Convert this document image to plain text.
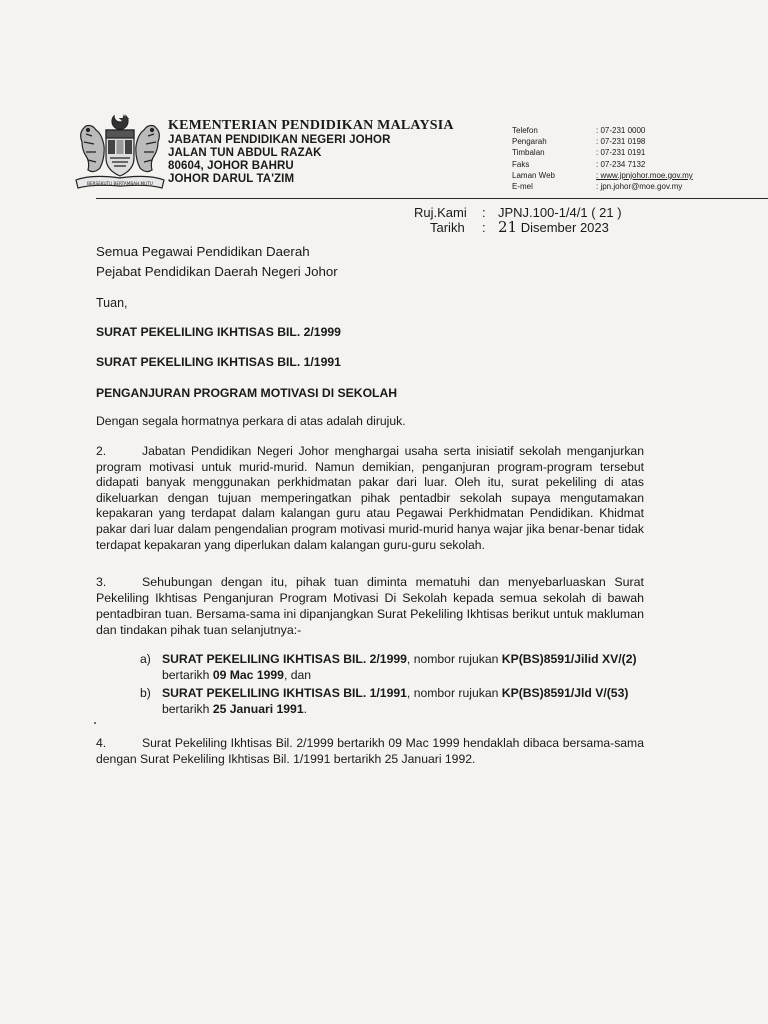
BERSEKUTU BERTAMBAH MUTU
KEMENTERIAN PENDIDIKAN MALAYSIA
JABATAN PENDIDIKAN NEGERI JOHOR
JALAN TUN ABDUL RAZAK
80604, JOHOR BAHRU
JOHOR DARUL TA'ZIM
Telefon	: 07-231 0000
Pengarah	: 07-231 0198
Timbalan	: 07-231 0191
Faks	: 07-234 7132
Laman Web	: www.jpnjohor.moe.gov.my
E-mel	: jpn.johor@moe.gov.my
Ruj.Kami	: JPNJ.100-1/4/1 ( 21 )
Tarikh	: 21 Disember 2023
Semua Pegawai Pendidikan Daerah
Pejabat Pendidikan Daerah Negeri Johor
Tuan,
SURAT PEKELILING IKHTISAS BIL. 2/1999
SURAT PEKELILING IKHTISAS BIL. 1/1991
PENGANJURAN PROGRAM MOTIVASI DI SEKOLAH
Dengan segala hormatnya perkara di atas adalah dirujuk.

2.	Jabatan Pendidikan Negeri Johor menghargai usaha serta inisiatif sekolah menganjurkan program motivasi untuk murid-murid. Namun demikian, penganjuran program-program tersebut didapati banyak menggunakan perkhidmatan pakar dari luar. Oleh itu, surat pekeliling di atas dikeluarkan dengan tujuan memperingatkan pihak pentadbir sekolah supaya mengutamakan kepakaran yang terdapat dalam kalangan guru atau Pegawai Perkhidmatan Pendidikan. Khidmat pakar dari luar dalam pengendalian program motivasi murid-murid hanya wajar jika benar-benar tidak terdapat kepakaran yang diperlukan dalam kalangan guru-guru sekolah.

3.	Sehubungan dengan itu, pihak tuan diminta mematuhi dan menyebarluaskan Surat Pekeliling Ikhtisas Penganjuran Program Motivasi Di Sekolah kepada semua sekolah di bawah pentadbiran tuan. Bersama-sama ini dipanjangkan Surat Pekeliling Ikhtisas berikut untuk makluman dan tindakan pihak tuan selanjutnya:-

a) SURAT PEKELILING IKHTISAS BIL. 2/1999, nombor rujukan KP(BS)8591/Jilid XV/(2) bertarikh 09 Mac 1999, dan
b) SURAT PEKELILING IKHTISAS BIL. 1/1991, nombor rujukan KP(BS)8591/Jld V/(53) bertarikh 25 Januari 1991.

4.	Surat Pekeliling Ikhtisas Bil. 2/1999 bertarikh 09 Mac 1999 hendaklah dibaca bersama-sama dengan Surat Pekeliling Ikhtisas Bil. 1/1991 bertarikh 25 Januari 1992.
